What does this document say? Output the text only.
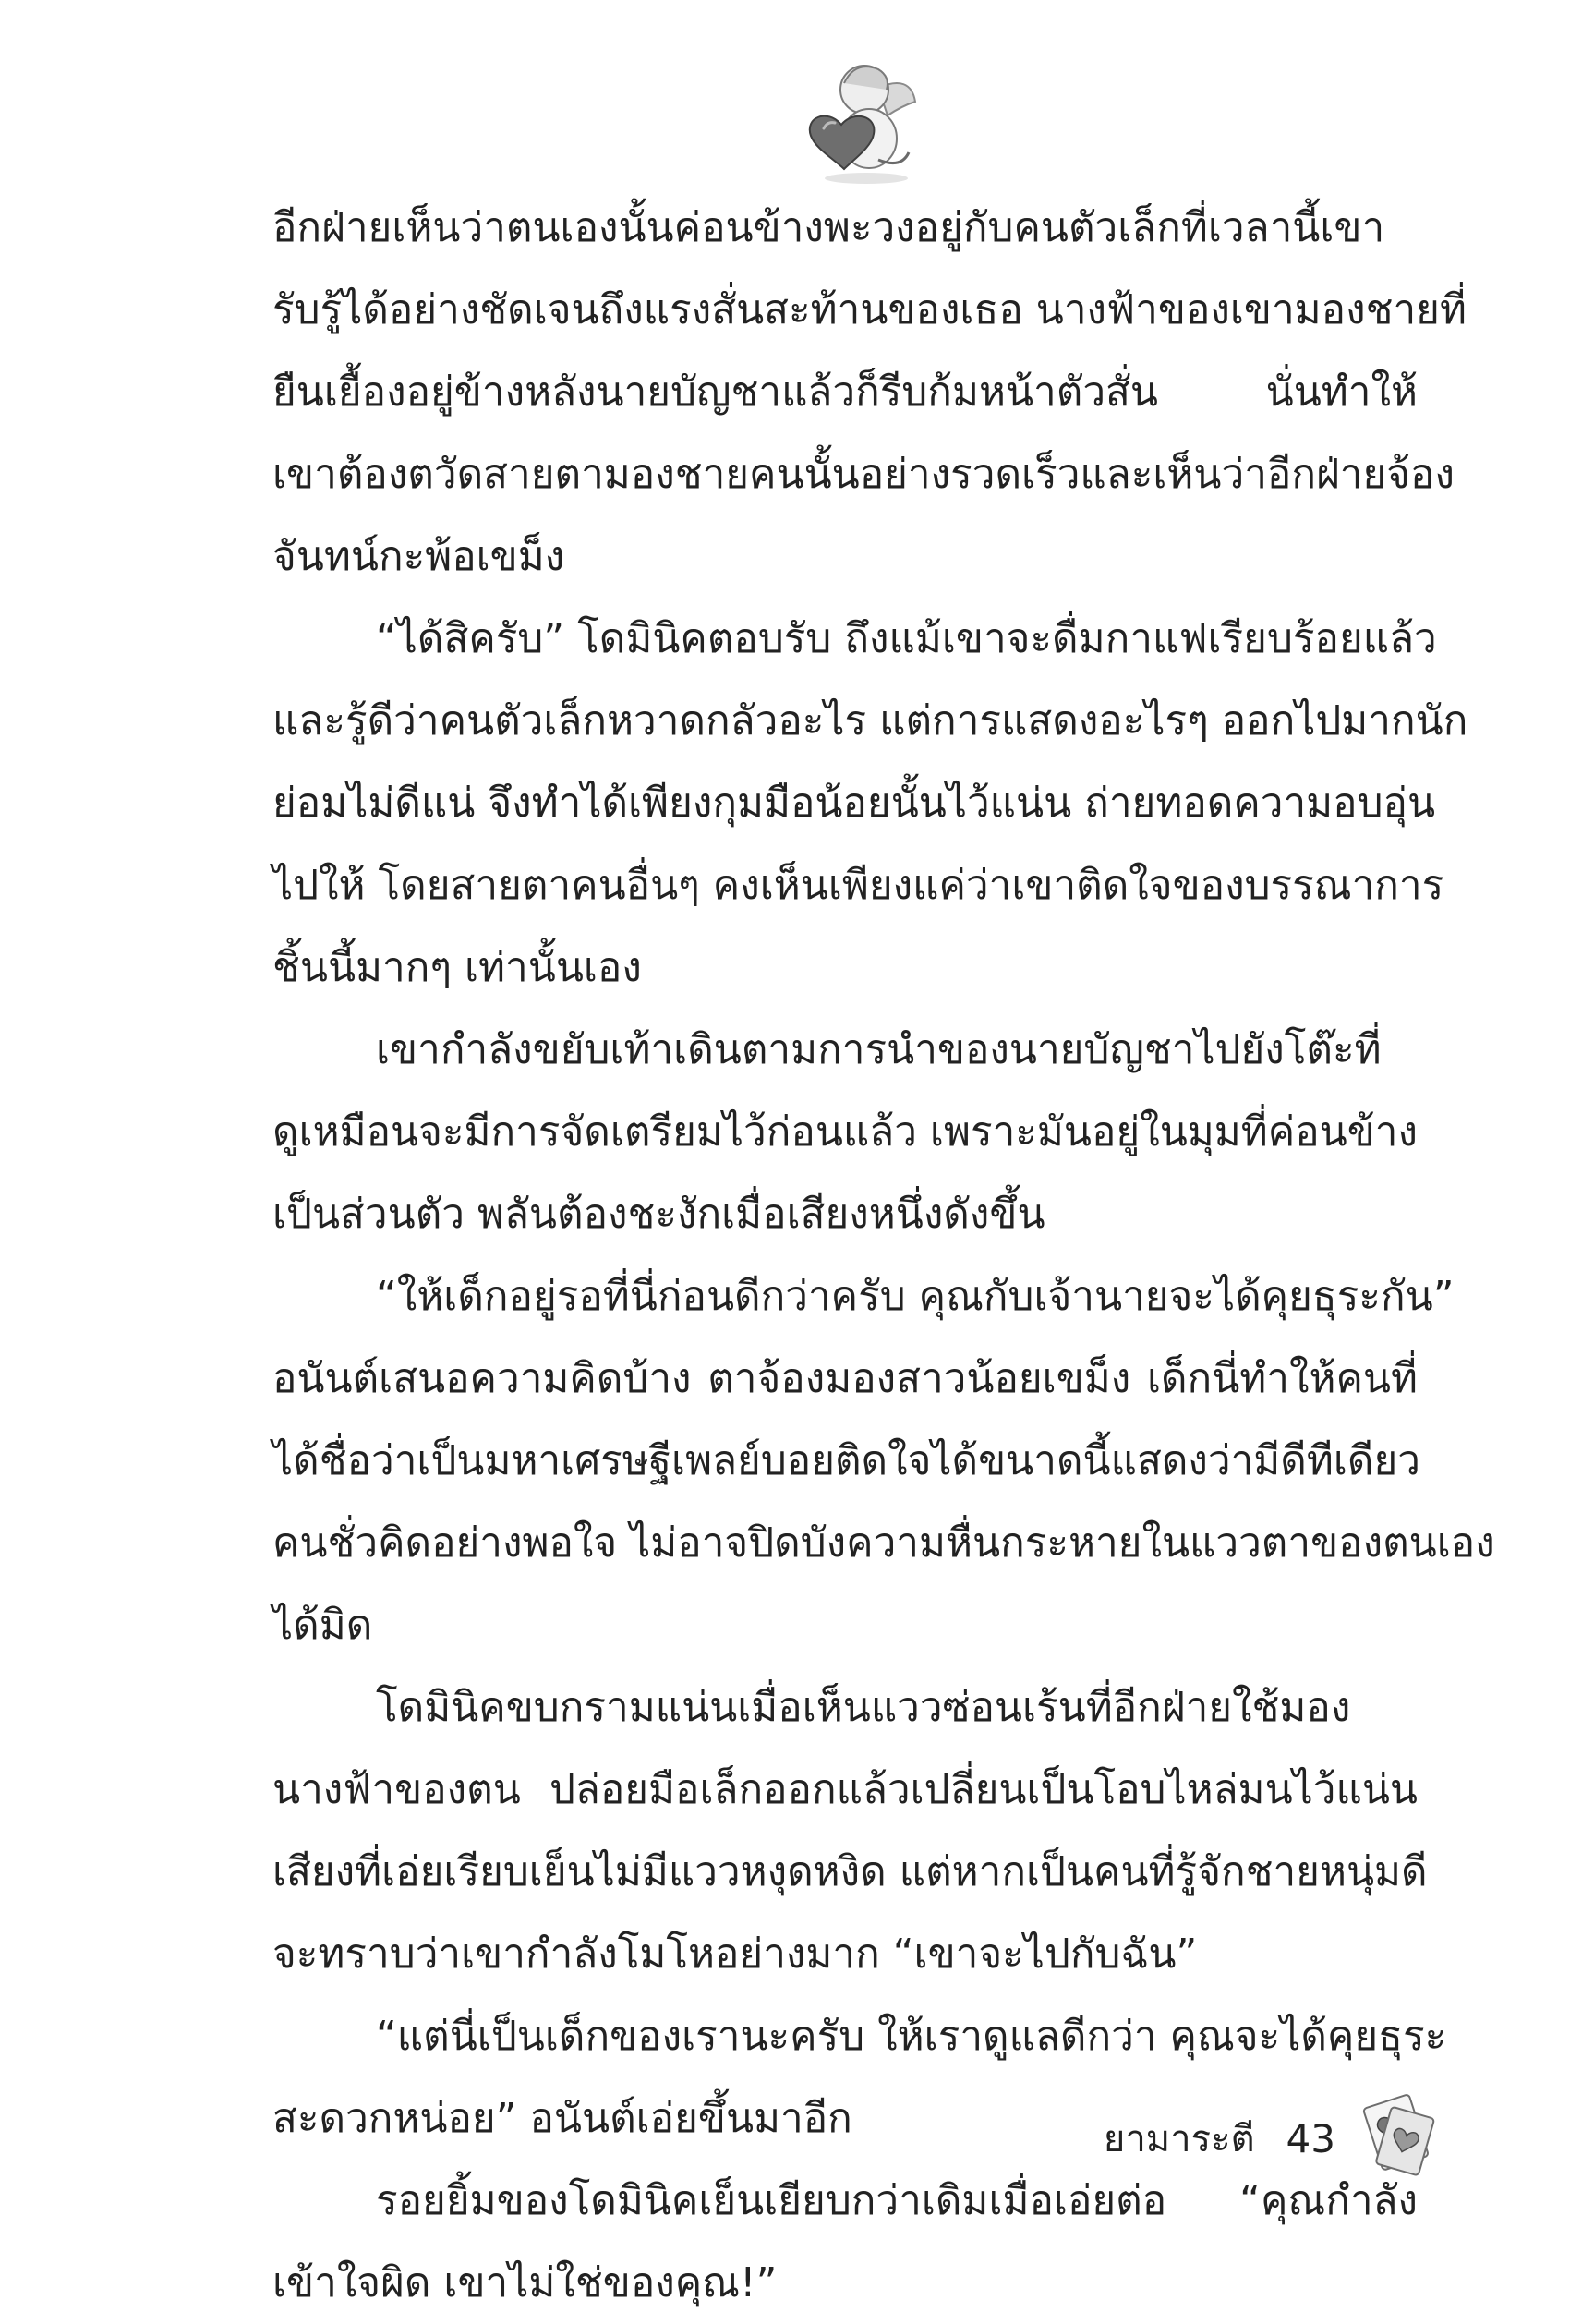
อีกฝ่ายเห็นว่าตนเองนั้นค่อนข้างพะวงอยู่กับคนตัวเล็กที่เวลานี้เขา
รับรู้ได้อย่างชัดเจนถึงแรงสั่นสะท้านของเธอ นางฟ้าของเขามองชายที่
ยืนเยื้องอยู่ข้างหลังนายบัญชาแล้วก็รีบก้มหน้าตัวสั่น นั่นทำให้
เขาต้องตวัดสายตามองชายคนนั้นอย่างรวดเร็วและเห็นว่าอีกฝ่ายจ้อง
จันทน์กะพ้อเขม็ง
“ได้สิครับ” โดมินิคตอบรับ ถึงแม้เขาจะดื่มกาแฟเรียบร้อยแล้ว
และรู้ดีว่าคนตัวเล็กหวาดกลัวอะไร แต่การแสดงอะไรๆ ออกไปมากนัก
ย่อมไม่ดีแน่ จึงทำได้เพียงกุมมือน้อยนั้นไว้แน่น ถ่ายทอดความอบอุ่น
ไปให้ โดยสายตาคนอื่นๆ คงเห็นเพียงแค่ว่าเขาติดใจของบรรณาการ
ชิ้นนี้มากๆ เท่านั้นเอง
เขากำลังขยับเท้าเดินตามการนำของนายบัญชาไปยังโต๊ะที่
ดูเหมือนจะมีการจัดเตรียมไว้ก่อนแล้ว เพราะมันอยู่ในมุมที่ค่อนข้าง
เป็นส่วนตัว พลันต้องชะงักเมื่อเสียงหนึ่งดังขึ้น
“ให้เด็กอยู่รอที่นี่ก่อนดีกว่าครับ คุณกับเจ้านายจะได้คุยธุระกัน”
อนันต์เสนอความคิดบ้าง ตาจ้องมองสาวน้อยเขม็ง เด็กนี่ทำให้คนที่
ได้ชื่อว่าเป็นมหาเศรษฐีเพลย์บอยติดใจได้ขนาดนี้แสดงว่ามีดีทีเดียว
คนชั่วคิดอย่างพอใจ ไม่อาจปิดบังความหื่นกระหายในแววตาของตนเอง
ได้มิด
โดมินิคขบกรามแน่นเมื่อเห็นแววซ่อนเร้นที่อีกฝ่ายใช้มอง
นางฟ้าของตน ปล่อยมือเล็กออกแล้วเปลี่ยนเป็นโอบไหล่มนไว้แน่น
เสียงที่เอ่ยเรียบเย็นไม่มีแววหงุดหงิด แต่หากเป็นคนที่รู้จักชายหนุ่มดี
จะทราบว่าเขากำลังโมโหอย่างมาก “เขาจะไปกับฉัน”
“แต่นี่เป็นเด็กของเรานะครับ ให้เราดูแลดีกว่า คุณจะได้คุยธุระ
สะดวกหน่อย” อนันต์เอ่ยขึ้นมาอีก
รอยยิ้มของโดมินิคเย็นเยียบกว่าเดิมเมื่อเอ่ยต่อ “คุณกำลัง
เข้าใจผิด เขาไม่ใช่ของคุณ!”
ยามาระตี 43
